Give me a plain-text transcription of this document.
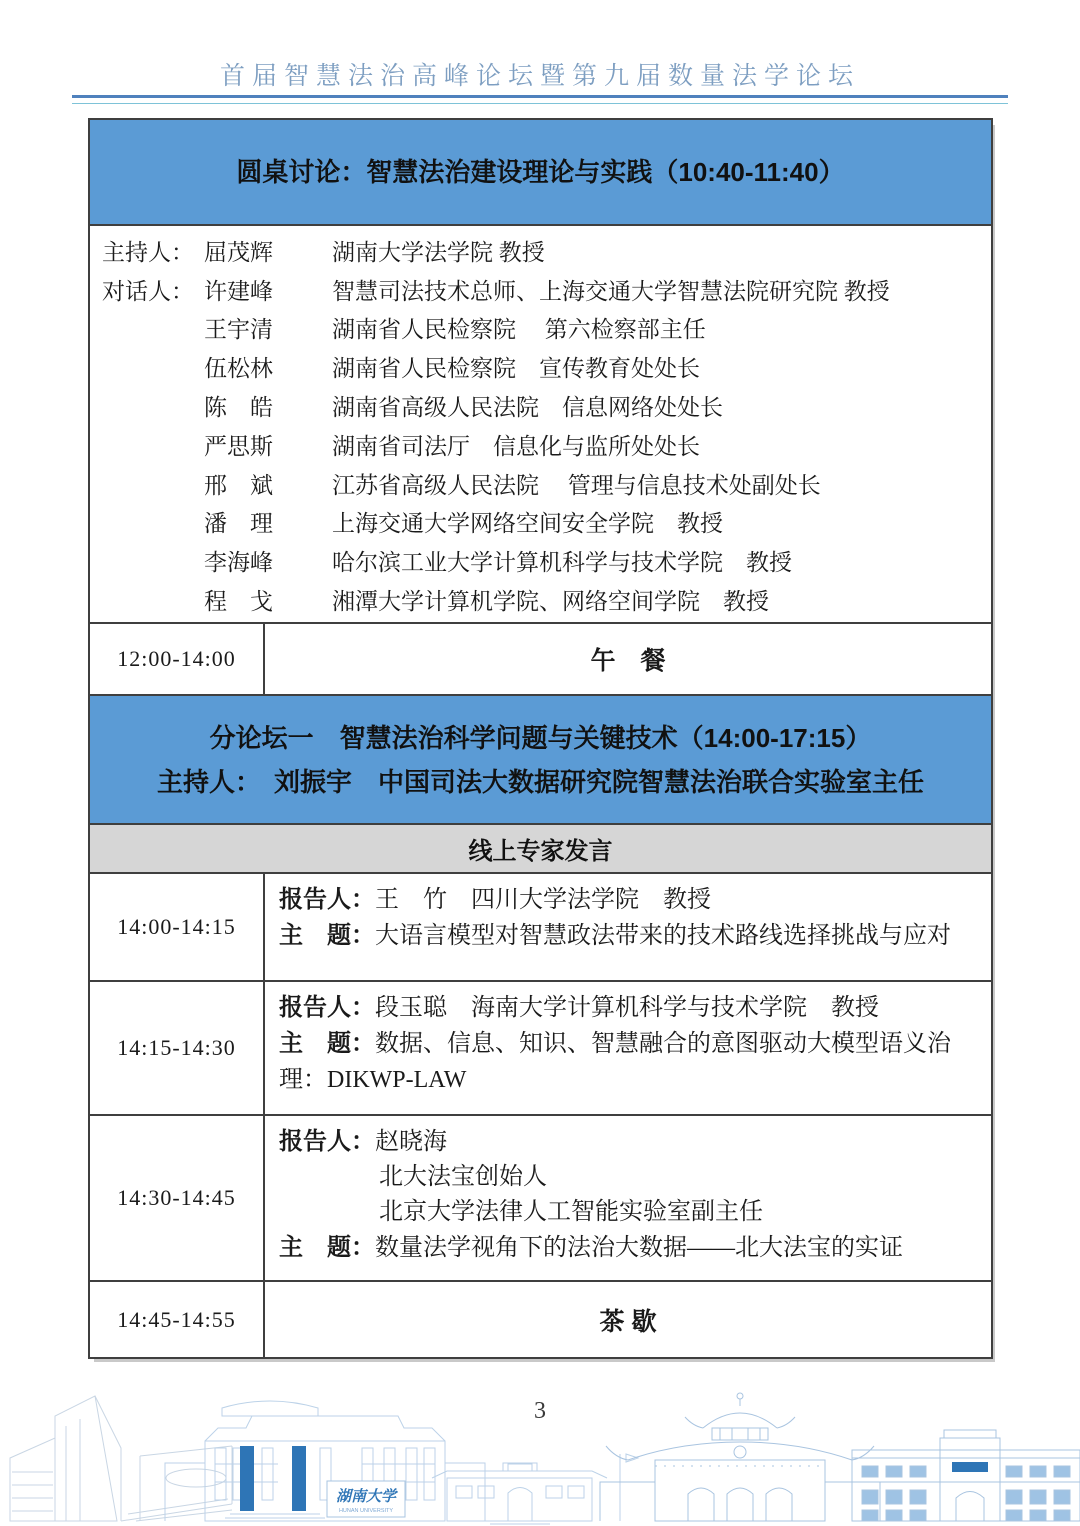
首届智慧法治高峰论坛暨第九届数量法学论坛
圆桌讨论：智慧法治建设理论与实践（10:40-11:40）
主持人： 屈茂辉	湖南大学法学院 教授
对话人： 许建峰	智慧司法技术总师、上海交通大学智慧法院研究院 教授
王宇清	湖南省人民检察院　 第六检察部主任
伍松林	湖南省人民检察院　宣传教育处处长
陈　皓	湖南省高级人民法院　信息网络处处长
严思斯	湖南省司法厅　信息化与监所处处长
邢　斌	江苏省高级人民法院　 管理与信息技术处副处长
潘　理	上海交通大学网络空间安全学院　教授
李海峰	哈尔滨工业大学计算机科学与技术学院　教授
程　戈	湘潭大学计算机学院、网络空间学院　教授
12:00-14:00	午　餐
分论坛一　智慧法治科学问题与关键技术（14:00-17:15）
主持人：　刘振宇　中国司法大数据研究院智慧法治联合实验室主任
线上专家发言
14:00-14:15
报告人：王　竹　四川大学法学院　教授
主　题：大语言模型对智慧政法带来的技术路线选择挑战与应对
14:15-14:30
报告人：段玉聪　海南大学计算机科学与技术学院　教授
主　题：数据、信息、知识、智慧融合的意图驱动大模型语义治理：DIKWP-LAW
14:30-14:45
报告人：赵晓海
北大法宝创始人
北京大学法律人工智能实验室副主任
主　题：数量法学视角下的法治大数据——北大法宝的实证
14:45-14:55	茶 歇
3
湖南大学
HUNAN UNIVERSITY
